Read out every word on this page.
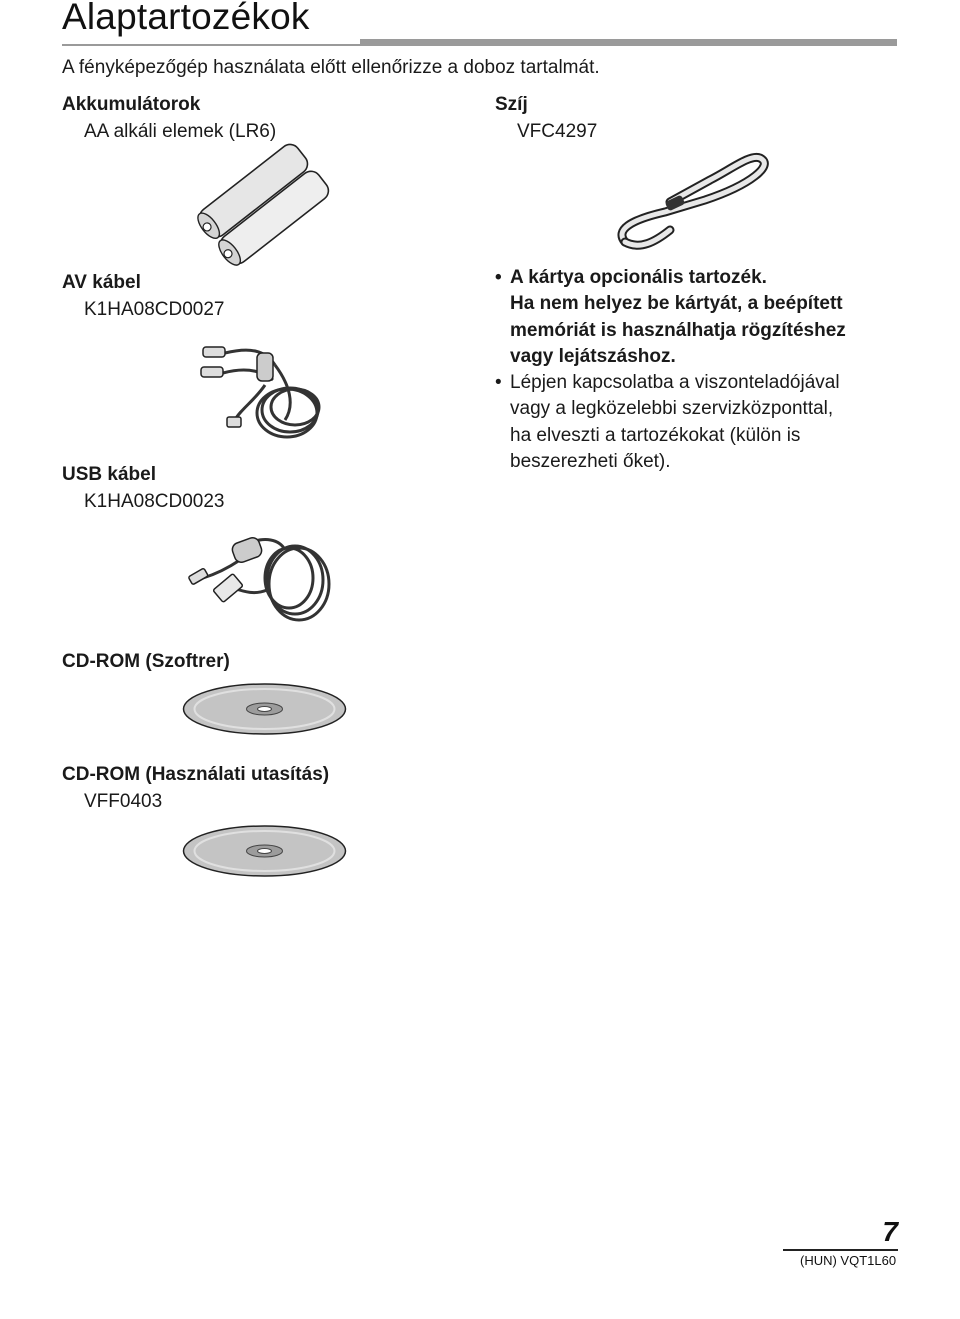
Alaptartozékok
A fényképezőgép használata előtt ellenőrizze a doboz tartalmát.
Akkumulátorok
AA alkáli elemek (LR6)
Szíj
VFC4297
AV kábel
K1HA08CD0027
• A kártya opcionális tartozék.
Ha nem helyez be kártyát, a beépített
memóriát is használhatja rögzítéshez
vagy lejátszáshoz.
• Lépjen kapcsolatba a viszonteladójával
vagy a legközelebbi szervizközponttal,
ha elveszti a tartozékokat (külön is
beszerezheti őket).
USB kábel
K1HA08CD0023
CD-ROM (Szoftrer)
CD-ROM (Használati utasítás)
VFF0403
7
(HUN) VQT1L60
